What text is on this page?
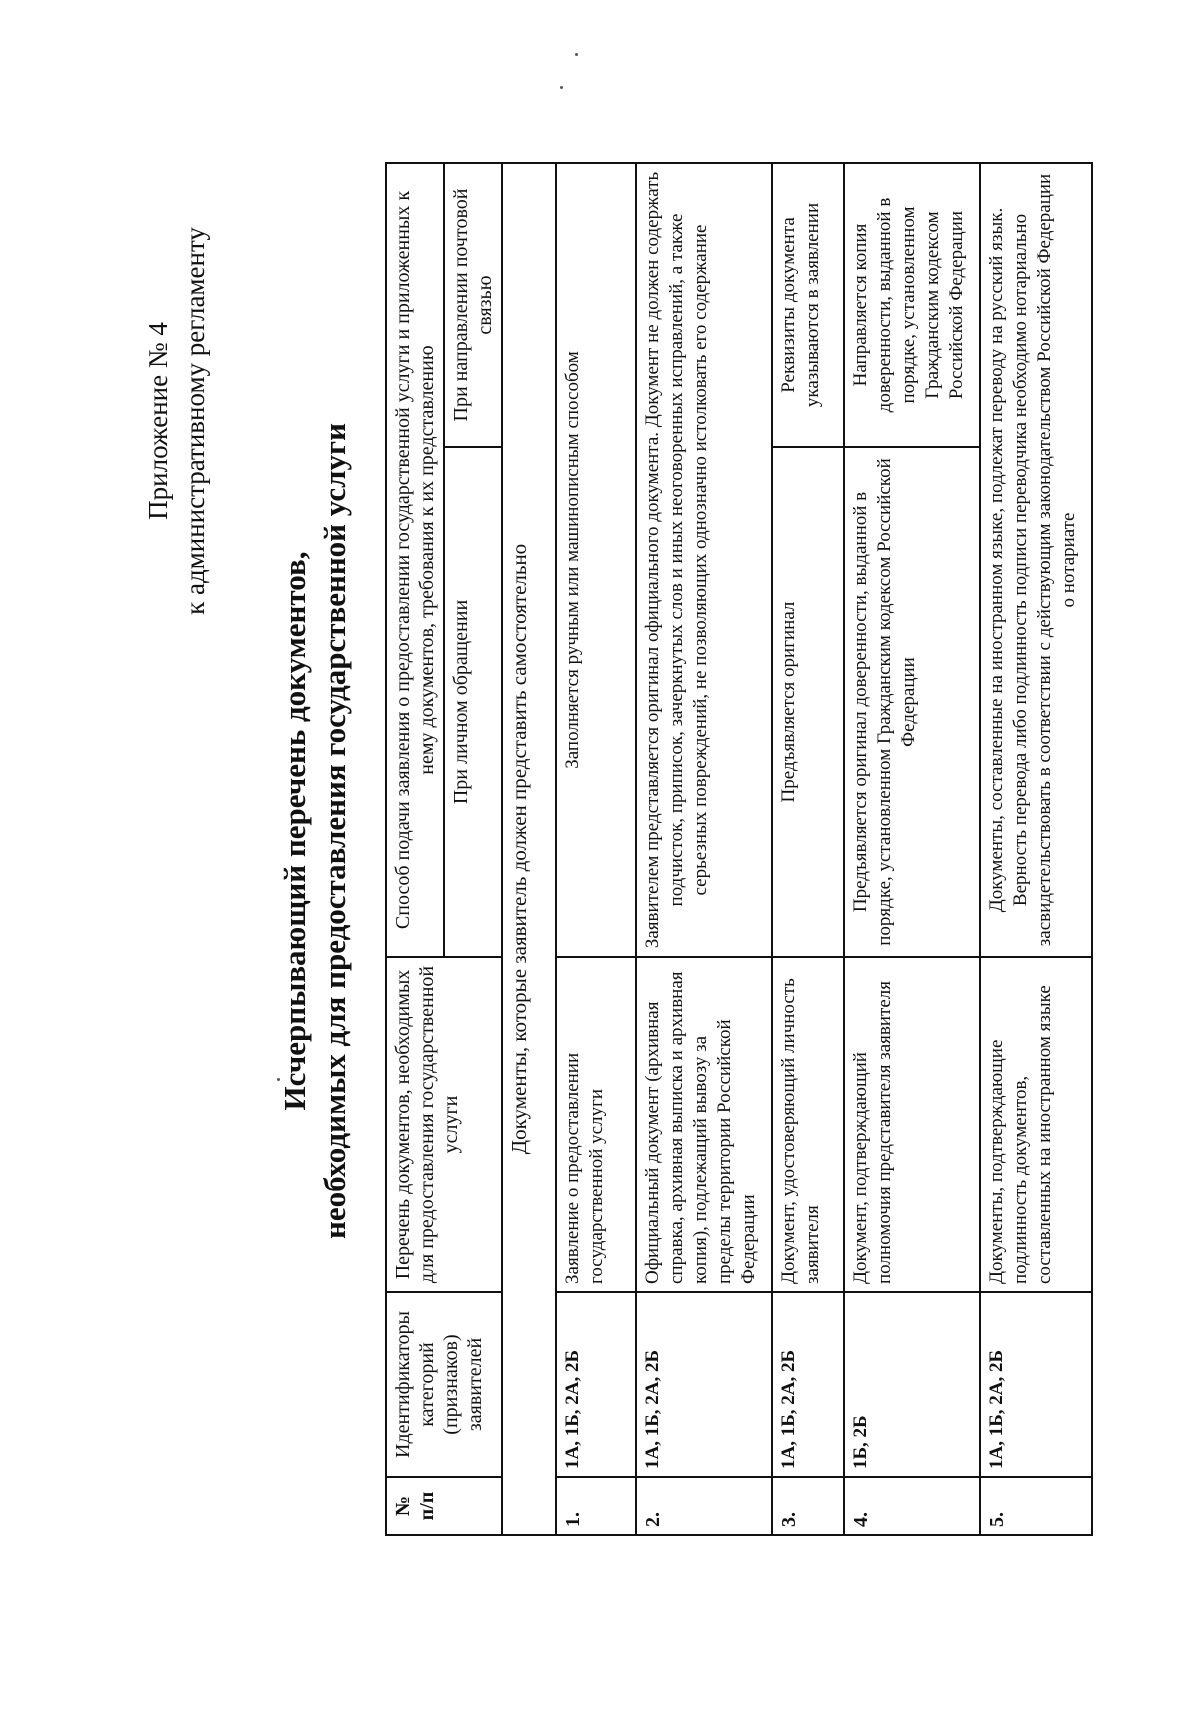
Приложение № 4 к административному регламенту
Исчерпывающий перечень документов, необходимых для предоставления государственной услуги
№ п/п	Идентификаторы категорий (признаков) заявителей	Перечень документов, необходимых для предоставления государственной услуги	Способ подачи заявления о предоставлении государственной услуги и приложенных к нему документов, требования к их представлению	
			При личном обращении	При направлении почтовой связью
Документы, которые заявитель должен представить самостоятельно				
1.	1А, 1Б, 2А, 2Б	Заявление о предоставлении государственной услуги	Заполняется ручным или машинописным способом	
2.	1А, 1Б, 2А, 2Б	Официальный документ (архивная справка, архивная выписка и архивная копия), подлежащий вывозу за пределы территории Российской Федерации	Заявителем представляется оригинал официального документа. Документ не должен содержать подчисток, приписок, зачеркнутых слов и иных неоговоренных исправлений, а также серьезных повреждений, не позволяющих однозначно истолковать его содержание	
3.	1А, 1Б, 2А, 2Б	Документ, удостоверяющий личность заявителя	Предъявляется оригинал	Реквизиты документа указываются в заявлении
4.	1Б, 2Б	Документ, подтверждающий полномочия представителя заявителя	Предъявляется оригинал доверенности, выданной в порядке, установленном Гражданским кодексом Российской Федерации	Направляется копия доверенности, выданной в порядке, установленном Гражданским кодексом Российской Федерации
5.	1А, 1Б, 2А, 2Б	Документы, подтверждающие подлинность документов, составленных на иностранном языке	Документы, составленные на иностранном языке, подлежат переводу на русский язык. Верность перевода либо подлинность подписи переводчика необходимо нотариально засвидетельствовать в соответствии с действующим законодательством Российской Федерации о нотариате	
